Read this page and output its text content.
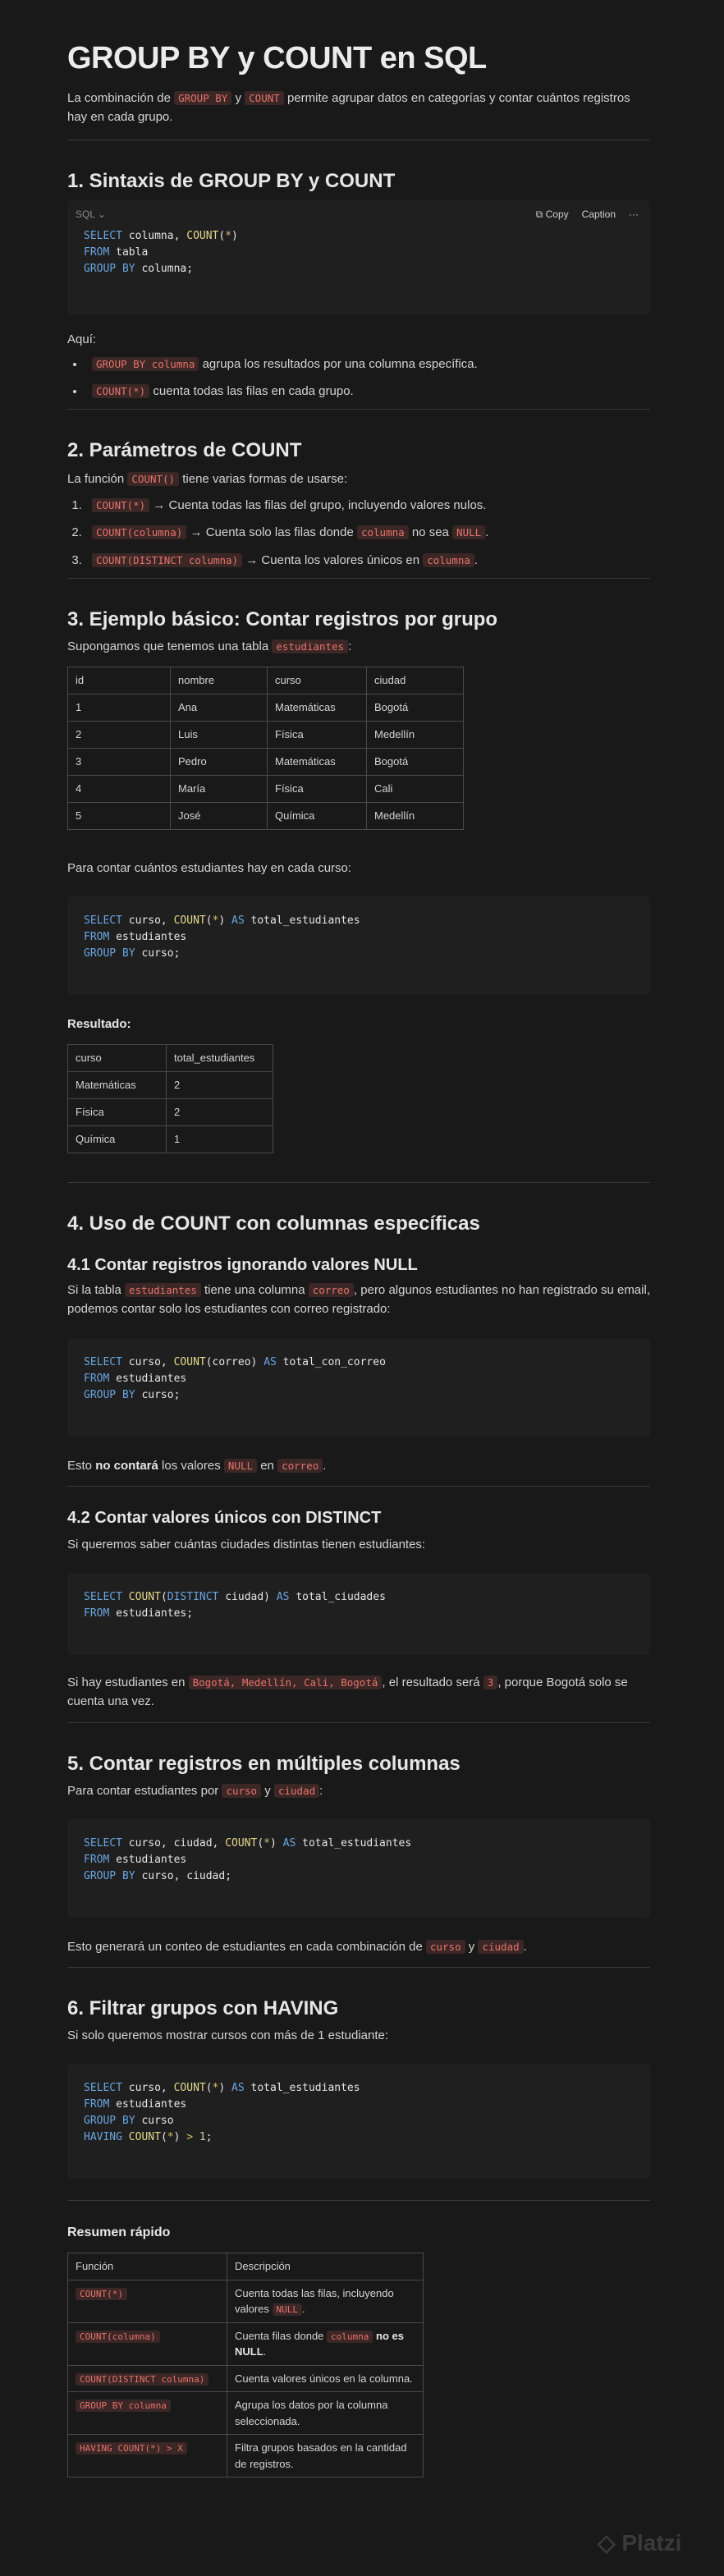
GROUP BY y COUNT en SQL

La combinación de GROUP BY y COUNT permite agrupar datos en categorías y contar cuántos registros hay en cada grupo.

1. Sintaxis de GROUP BY y COUNT
SQL ⌄	⧉ Copy	Caption	···
SELECT columna, COUNT(*)
FROM tabla
GROUP BY columna;

Aquí:

• GROUP BY columna agrupa los resultados por una columna específica.
• COUNT(*) cuenta todas las filas en cada grupo.
2. Parámetros de COUNT

La función COUNT() tiene varias formas de usarse:

1. COUNT(*) → Cuenta todas las filas del grupo, incluyendo valores nulos.
2. COUNT(columna) → Cuenta solo las filas donde columna no sea NULL .
3. COUNT(DISTINCT columna) → Cuenta los valores únicos en columna .
3. Ejemplo básico: Contar registros por grupo

Supongamos que tenemos una tabla estudiantes :

id	nombre	curso	ciudad
1	Ana	Matemáticas	Bogotá
2	Luis	Física	Medellín
3	Pedro	Matemáticas	Bogotá
4	María	Física	Cali
5	José	Química	Medellín

Para contar cuántos estudiantes hay en cada curso:

SELECT curso, COUNT(*) AS total_estudiantes
FROM estudiantes
GROUP BY curso;

Resultado:

curso	total_estudiantes
Matemáticas	2
Física	2
Química	1
4. Uso de COUNT con columnas específicas
4.1 Contar registros ignorando valores NULL

Si la tabla estudiantes tiene una columna correo , pero algunos estudiantes no han registrado su email, podemos contar solo los estudiantes con correo registrado:

SELECT curso, COUNT(correo) AS total_con_correo
FROM estudiantes
GROUP BY curso;

Esto no contará los valores NULL en correo .

4.2 Contar valores únicos con DISTINCT

Si queremos saber cuántas ciudades distintas tienen estudiantes:

SELECT COUNT(DISTINCT ciudad) AS total_ciudades
FROM estudiantes;

Si hay estudiantes en Bogotá, Medellín, Cali, Bogotá , el resultado será 3 , porque Bogotá solo se cuenta una vez.

5. Contar registros en múltiples columnas

Para contar estudiantes por curso y ciudad :

SELECT curso, ciudad, COUNT(*) AS total_estudiantes
FROM estudiantes
GROUP BY curso, ciudad;

Esto generará un conteo de estudiantes en cada combinación de curso y ciudad .

6. Filtrar grupos con HAVING

Si solo queremos mostrar cursos con más de 1 estudiante:

SELECT curso, COUNT(*) AS total_estudiantes
FROM estudiantes
GROUP BY curso
HAVING COUNT(*) > 1;
Resumen rápido
Función	Descripción
COUNT(*)	Cuenta todas las filas, incluyendo valores NULL .
COUNT(columna)	Cuenta filas donde columna no es NULL.
COUNT(DISTINCT columna)	Cuenta valores únicos en la columna.
GROUP BY columna	Agrupa los datos por la columna seleccionada.
HAVING COUNT(*) > X	Filtra grupos basados en la cantidad de registros.
◇ Platzi
